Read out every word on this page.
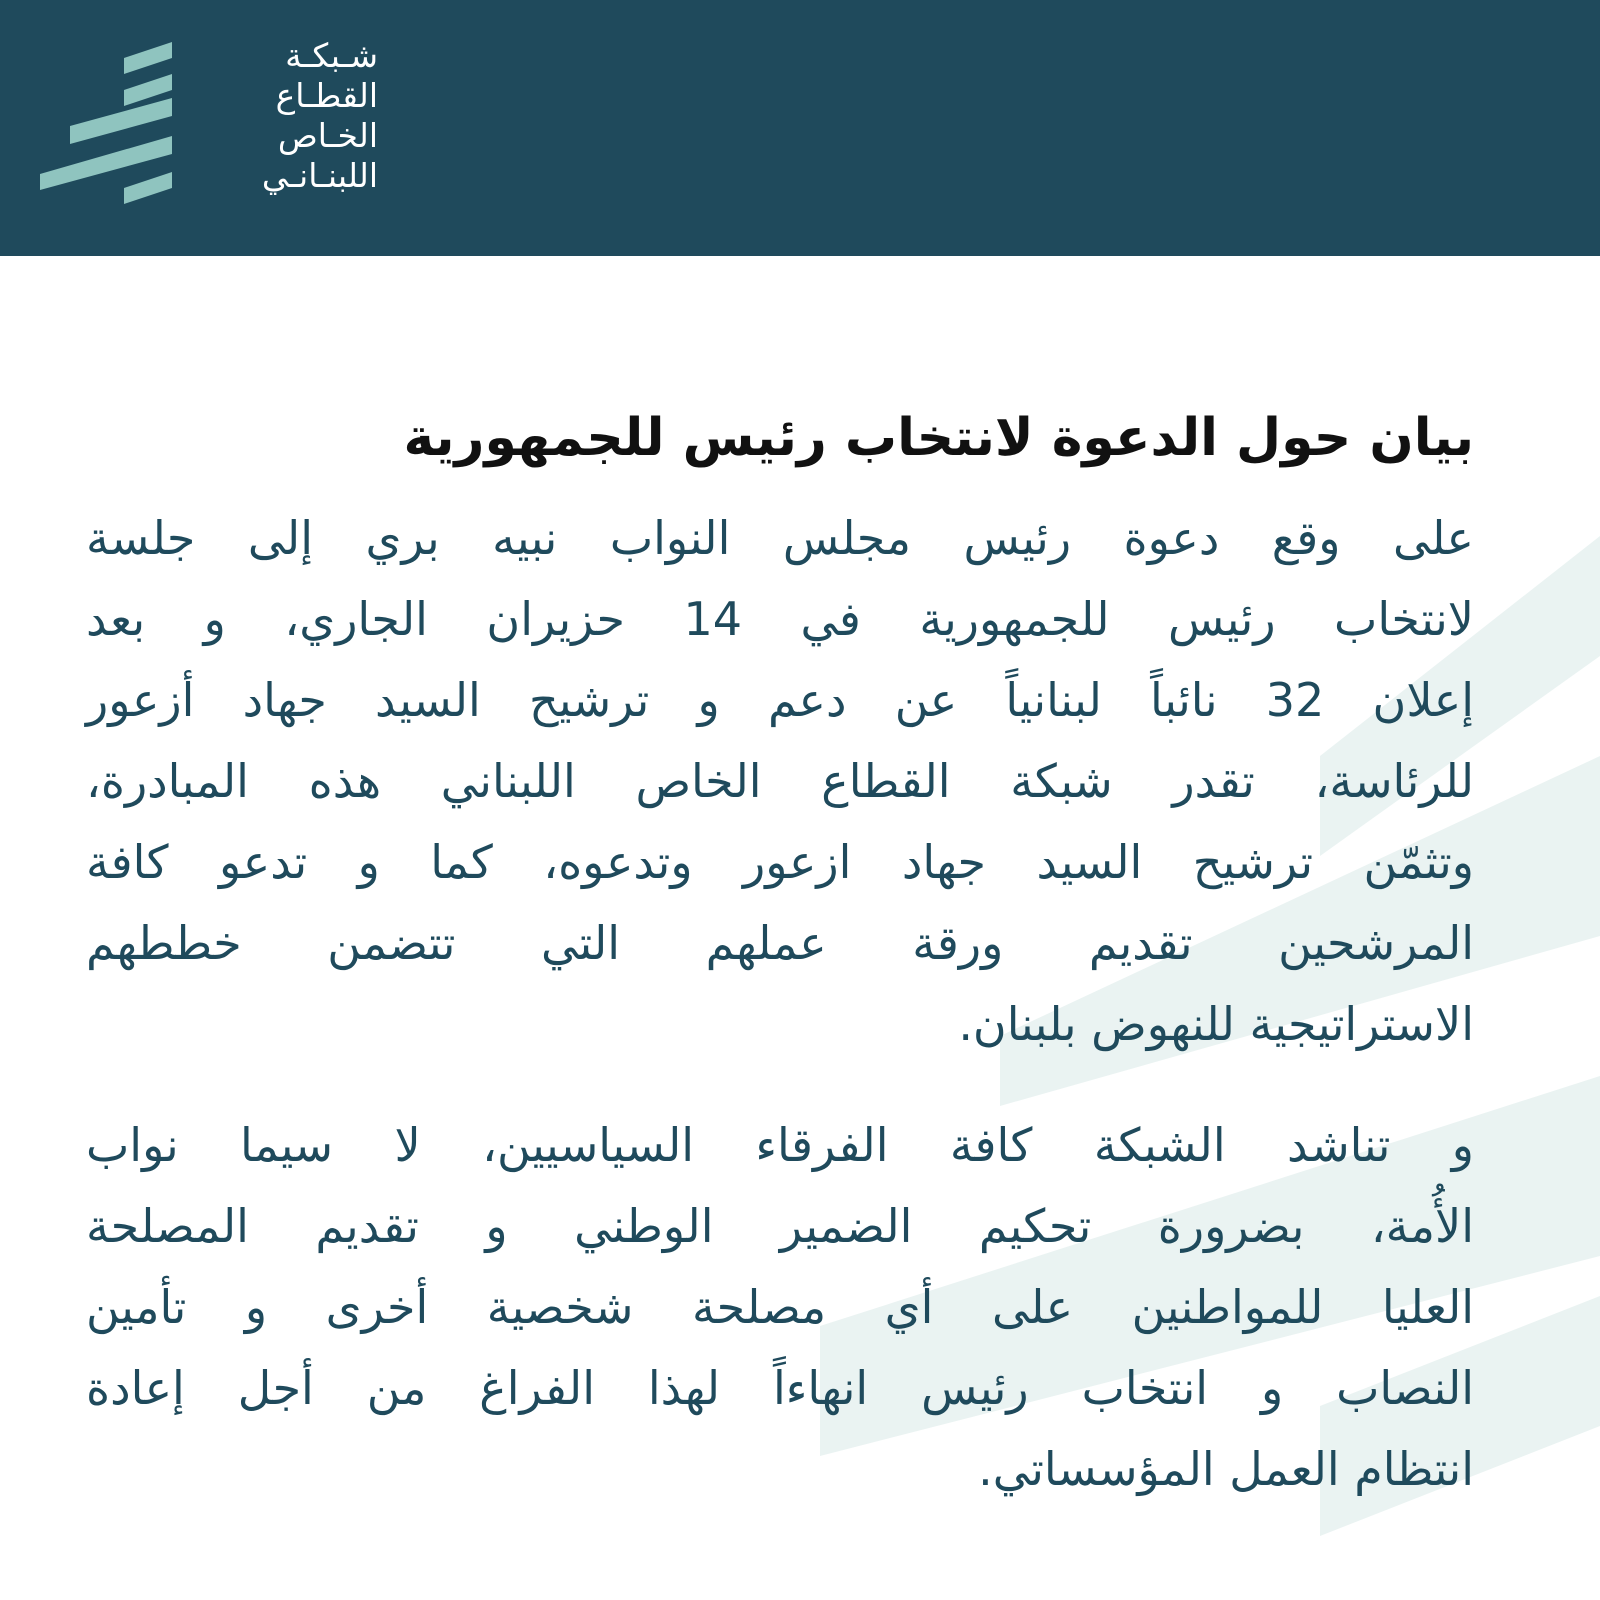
شـبكـة
القطـاع
الخـاص
اللبنـانـي
بيان حول الدعوة لانتخاب رئيس للجمهورية

على وقع دعوة رئيس مجلس النواب نبيه بري إلى جلسة
لانتخاب رئيس للجمهورية في 14 حزيران الجاري، و بعد
إعلان 32 نائباً لبنانياً عن دعم و ترشيح السيد جهاد أزعور
للرئاسة، تقدر شبكة القطاع الخاص اللبناني هذه المبادرة،
وتثمّن ترشيح السيد جهاد ازعور وتدعوه، كما و تدعو كافة
المرشحين تقديم ورقة عملهم التي تتضمن خططهم
الاستراتيجية للنهوض بلبنان.

و تناشد الشبكة كافة الفرقاء السياسيين، لا سيما نواب
الأُمة، بضرورة تحكيم الضمير الوطني و تقديم المصلحة
العليا للمواطنين على أي مصلحة شخصية أخرى و تأمين
النصاب و انتخاب رئيس انهاءاً لهذا الفراغ من أجل إعادة
انتظام العمل المؤسساتي.
